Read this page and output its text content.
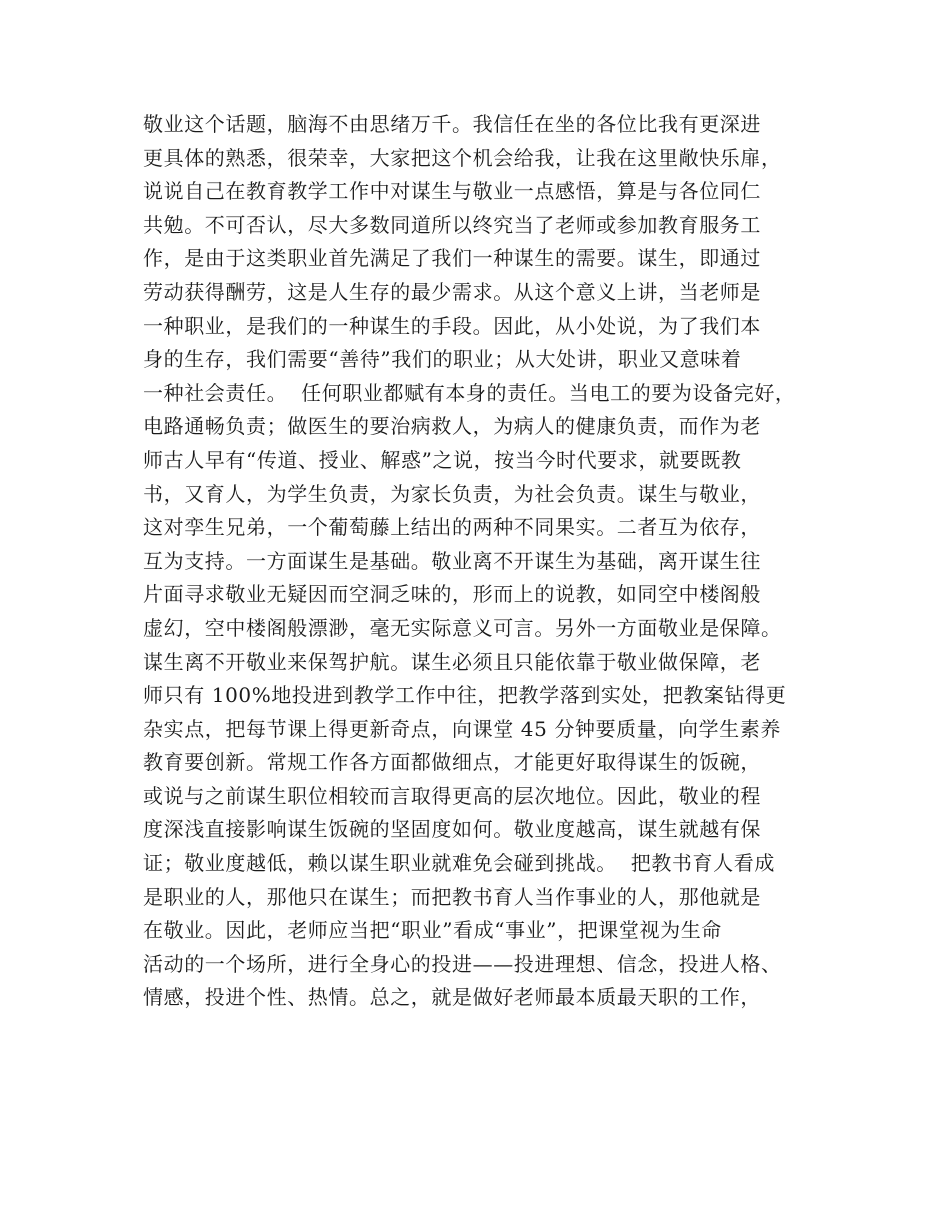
敬业这个话题，脑海不由思绪万千。我信任在坐的各位比我有更深进
更具体的熟悉，很荣幸，大家把这个机会给我，让我在这里敞快乐扉，
说说自己在教育教学工作中对谋生与敬业一点感悟，算是与各位同仁
共勉。不可否认，尽大多数同道所以终究当了老师或参加教育服务工
作，是由于这类职业首先满足了我们一种谋生的需要。谋生，即通过
劳动获得酬劳，这是人生存的最少需求。从这个意义上讲，当老师是
一种职业，是我们的一种谋生的手段。因此，从小处说，为了我们本
身的生存，我们需要“善待”我们的职业；从大处讲，职业又意味着
一种社会责任。  任何职业都赋有本身的责任。当电工的要为设备完好，
电路通畅负责；做医生的要治病救人，为病人的健康负责，而作为老
师古人早有“传道、授业、解惑”之说，按当今时代要求，就要既教
书，又育人，为学生负责，为家长负责，为社会负责。谋生与敬业，
这对孪生兄弟，一个葡萄藤上结出的两种不同果实。二者互为依存，
互为支持。一方面谋生是基础。敬业离不开谋生为基础，离开谋生往
片面寻求敬业无疑因而空洞乏味的，形而上的说教，如同空中楼阁般
虚幻，空中楼阁般漂渺，毫无实际意义可言。另外一方面敬业是保障。
谋生离不开敬业来保驾护航。谋生必须且只能依靠于敬业做保障，老
师只有 100%地投进到教学工作中往，把教学落到实处，把教案钻得更
杂实点，把每节课上得更新奇点，向课堂 45 分钟要质量，向学生素养
教育要创新。常规工作各方面都做细点，才能更好取得谋生的饭碗，
或说与之前谋生职位相较而言取得更高的层次地位。因此，敬业的程
度深浅直接影响谋生饭碗的坚固度如何。敬业度越高，谋生就越有保
证；敬业度越低，赖以谋生职业就难免会碰到挑战。  把教书育人看成
是职业的人，那他只在谋生；而把教书育人当作事业的人，那他就是
在敬业。因此，老师应当把“职业”看成“事业”，把课堂视为生命
活动的一个场所，进行全身心的投进——投进理想、信念，投进人格、
情感，投进个性、热情。总之，就是做好老师最本质最天职的工作，
